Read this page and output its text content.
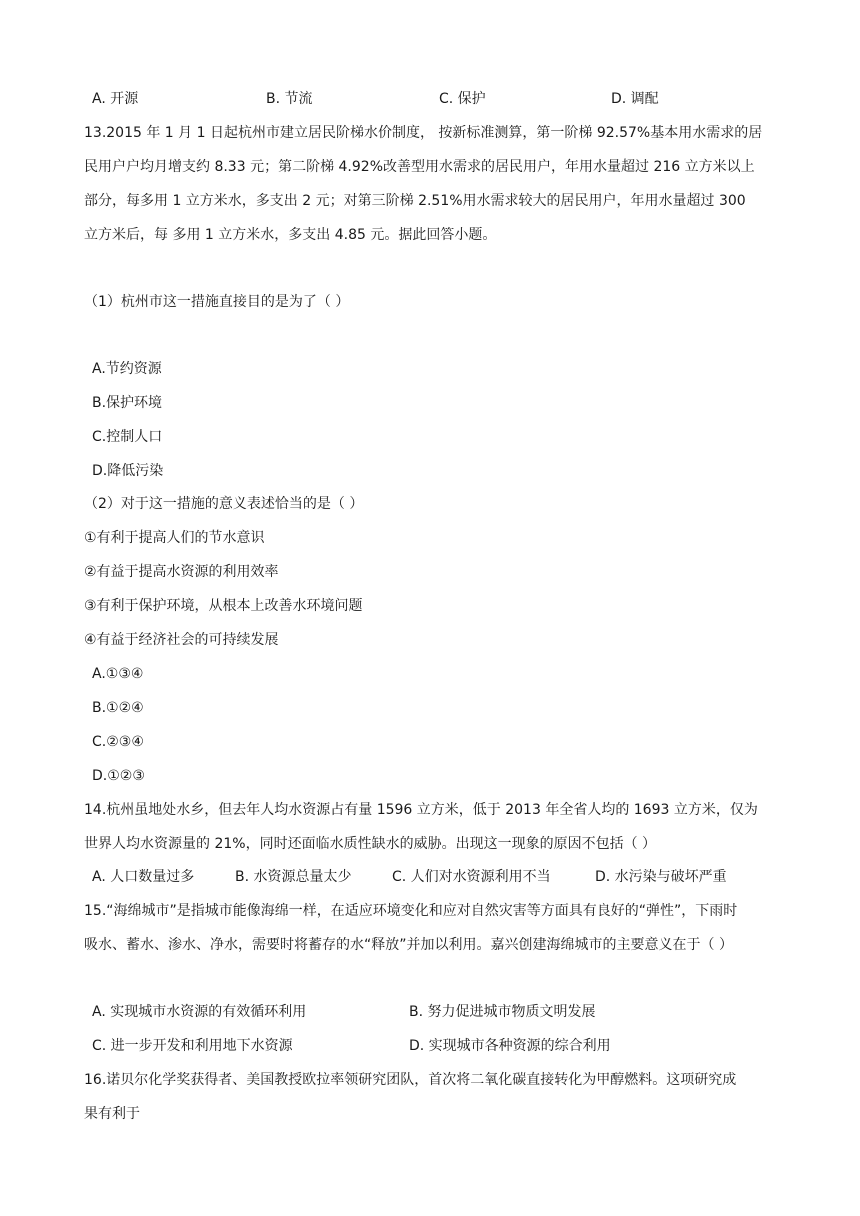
A. 开源	B. 节流	C. 保护	D. 调配
13.2015 年 1 月 1 日起杭州市建立居民阶梯水价制度， 按新标准测算，第一阶梯 92.57%基本用水需求的居
民用户户均月增支约 8.33 元；第二阶梯 4.92%改善型用水需求的居民用户，年用水量超过 216 立方米以上
部分，每多用 1 立方米水，多支出 2 元；对第三阶梯 2.51%用水需求较大的居民用户，年用水量超过 300
立方米后，每 多用 1 立方米水，多支出 4.85 元。据此回答小题。
（1）杭州市这一措施直接目的是为了（ ）
A.节约资源
B.保护环境
C.控制人口
D.降低污染
（2）对于这一措施的意义表述恰当的是（ ）
①有利于提高人们的节水意识
②有益于提高水资源的利用效率
③有利于保护环境，从根本上改善水环境问题
④有益于经济社会的可持续发展
A.①③④
B.①②④
C.②③④
D.①②③
14.杭州虽地处水乡，但去年人均水资源占有量 1596 立方米，低于 2013 年全省人均的 1693 立方米，仅为
世界人均水资源量的 21%，同时还面临水质性缺水的威胁。出现这一现象的原因不包括（ ）
A. 人口数量过多	B. 水资源总量太少	C. 人们对水资源利用不当	D. 水污染与破坏严重
15.“海绵城市”是指城市能像海绵一样，在适应环境变化和应对自然灾害等方面具有良好的“弹性”，下雨时
吸水、蓄水、渗水、净水，需要时将蓄存的水“释放”并加以利用。嘉兴创建海绵城市的主要意义在于（ ）
A. 实现城市水资源的有效循环利用	B. 努力促进城市物质文明发展
C. 进一步开发和利用地下水资源	D. 实现城市各种资源的综合利用
16.诺贝尔化学奖获得者、美国教授欧拉率领研究团队，首次将二氧化碳直接转化为甲醇燃料。这项研究成
果有利于
